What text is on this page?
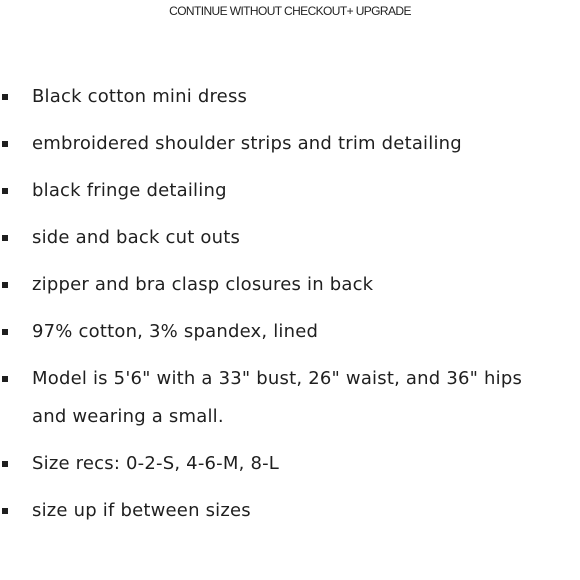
CONTINUE WITHOUT CHECKOUT+ UPGRADE
Black cotton mini dress
embroidered shoulder strips and trim detailing
black fringe detailing
side and back cut outs
zipper and bra clasp closures in back
97% cotton, 3% spandex, lined
Model is 5'6" with a 33" bust, 26" waist, and 36" hips
and wearing a small.
Size recs: 0-2-S, 4-6-M, 8-L
size up if between sizes
